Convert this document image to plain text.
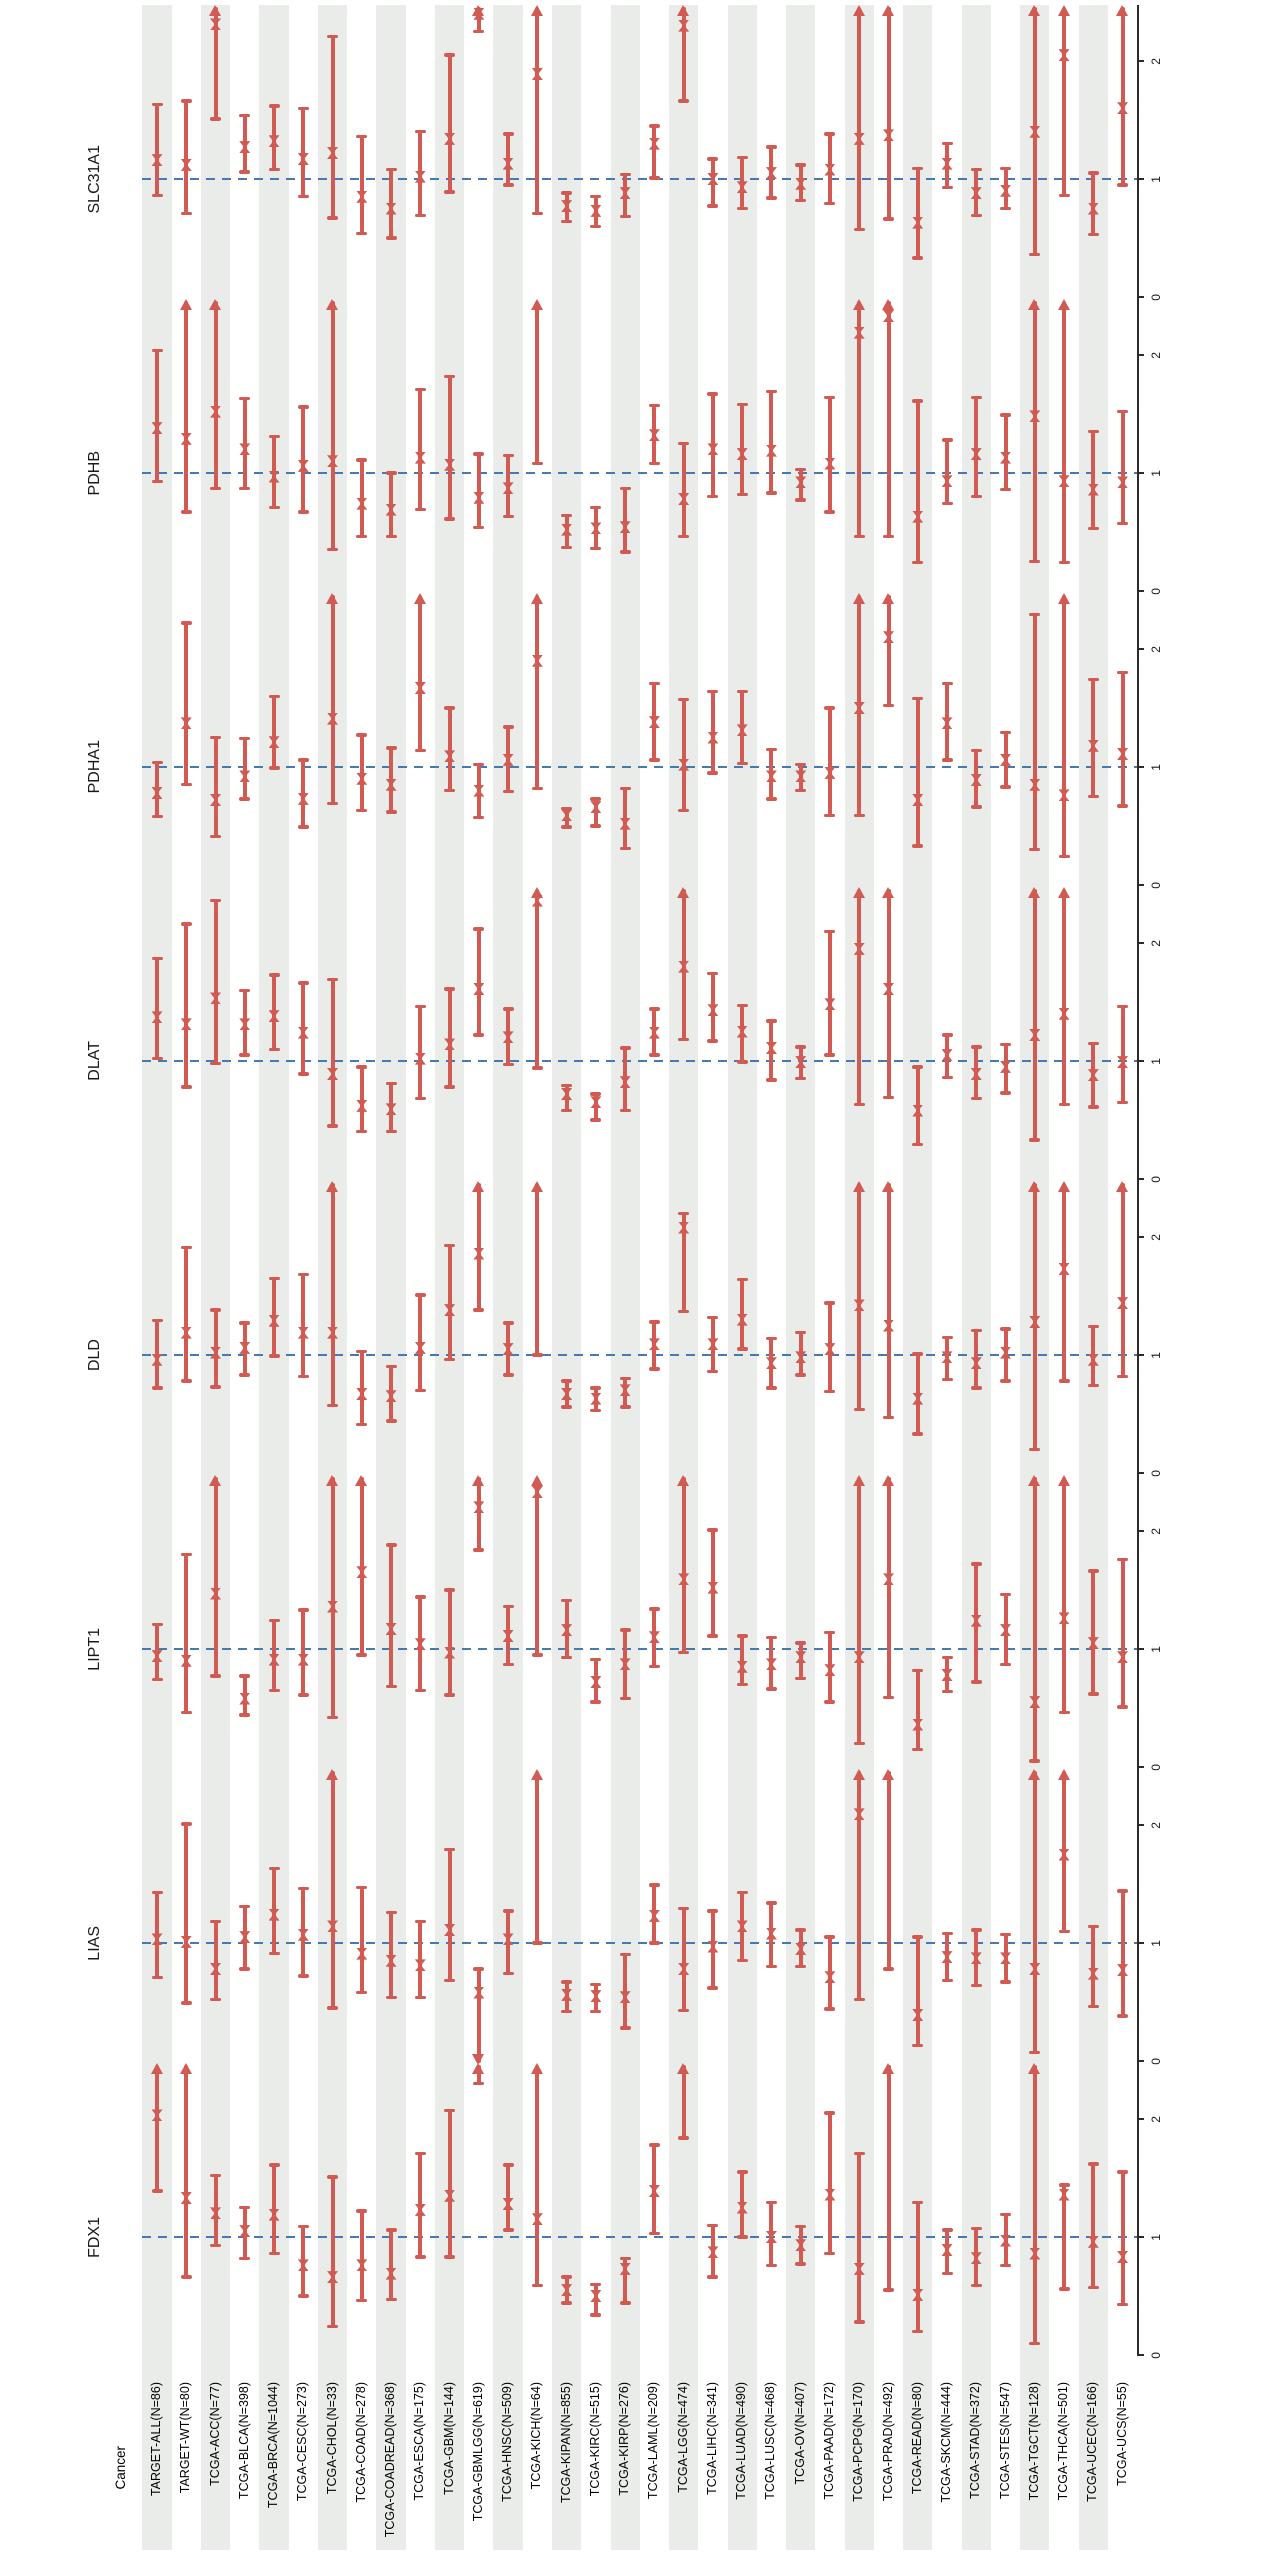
SLC31A1
0
1
2
PDHB
0
1
2
PDHA1
0
1
2
DLAT
0
1
2
DLD
0
1
2
LIPT1
0
1
2
LIAS
0
1
2
FDX1
0
1
2
TARGET-ALL(N=86) TARGET-WT(N=80) TCGA-ACC(N=77) TCGA-BLCA(N=398) TCGA-BRCA(N=1044) TCGA-CESC(N=273) TCGA-CHOL(N=33) TCGA-COAD(N=278) TCGA-COADREAD(N=368) TCGA-ESCA(N=175) TCGA-GBM(N=144) TCGA-GBMLGG(N=619) TCGA-HNSC(N=509) TCGA-KICH(N=64) TCGA-KIPAN(N=855) TCGA-KIRC(N=515) TCGA-KIRP(N=276) TCGA-LAML(N=209) TCGA-LGG(N=474) TCGA-LIHC(N=341) TCGA-LUAD(N=490) TCGA-LUSC(N=468) TCGA-OV(N=407) TCGA-PAAD(N=172) TCGA-PCPG(N=170) TCGA-PRAD(N=492) TCGA-READ(N=80) TCGA-SKCM(N=444) TCGA-STAD(N=372) TCGA-STES(N=547) TCGA-TGCT(N=128) TCGA-THCA(N=501) TCGA-UCEC(N=166) TCGA-UCS(N=55)
Cancer
